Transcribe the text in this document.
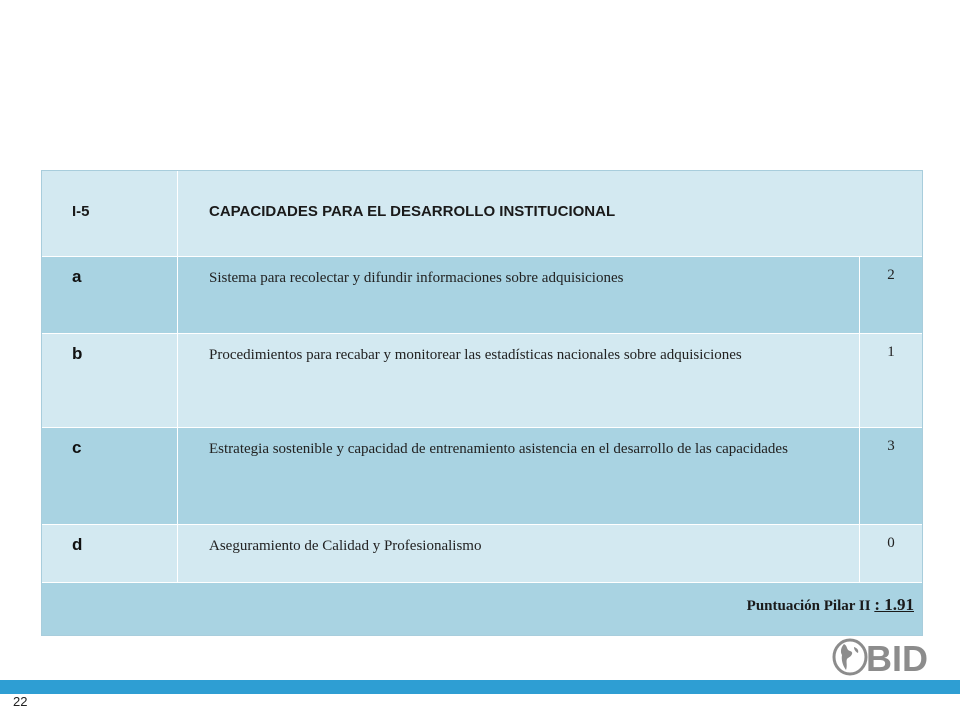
I-5	CAPACIDADES PARA EL DESARROLLO INSTITUCIONAL
a	Sistema para recolectar y difundir informaciones sobre adquisiciones	2
b	Procedimientos para recabar y monitorear las estadísticas nacionales sobre adquisiciones	1
c	Estrategia sostenible y capacidad de entrenamiento asistencia en el desarrollo de las capacidades	3
d	Aseguramiento de Calidad y Profesionalismo	0
Puntuación Pilar II : 1.91
BID
22
